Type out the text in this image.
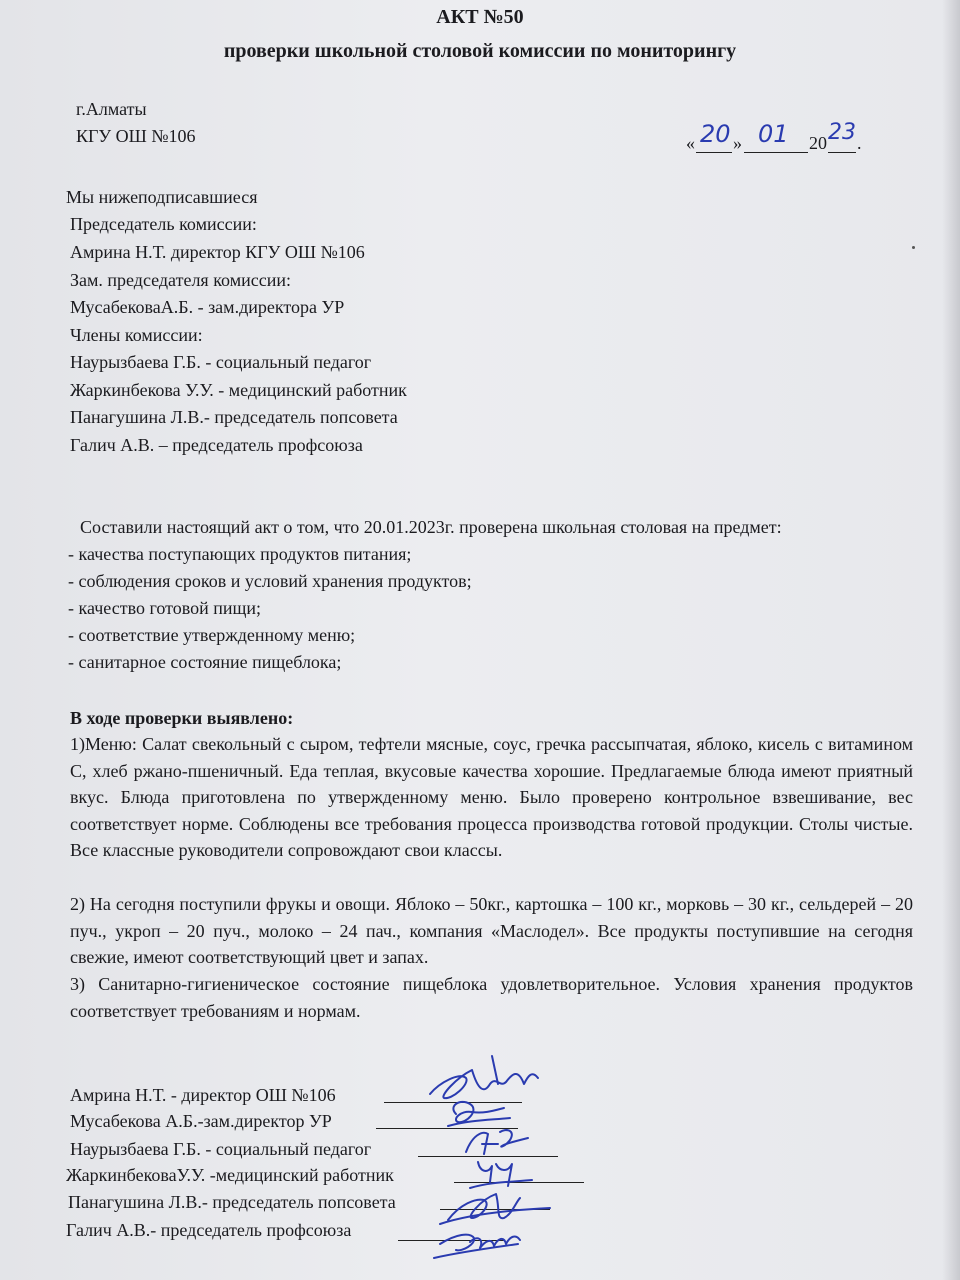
АКТ №50
проверки школьной столовой комиссии по мониторингу
г.Алматы
КГУ ОШ №106	« 20 » 01 20 23 .
Мы нижеподписавшиеся
Председатель комиссии:
Амрина Н.Т. директор КГУ ОШ №106
Зам. председателя комиссии:
МусабековаА.Б. - зам.директора УР
Члены комиссии:
Наурызбаева Г.Б. - социальный педагог
Жаркинбекова У.У. - медицинский работник
Панагушина Л.В.- председатель попсовета
Галич А.В. – председатель профсоюза
Составили настоящий акт о том, что 20.01.2023г. проверена школьная столовая на предмет:
- качества поступающих продуктов питания;
- соблюдения сроков и условий хранения продуктов;
- качество готовой пищи;
- соответствие утвержденному меню;
- санитарное состояние пищеблока;
В ходе проверки выявлено:
1)Меню: Салат свекольный с сыром, тефтели мясные, соус, гречка рассыпчатая, яблоко, кисель с витамином С, хлеб ржано-пшеничный. Еда теплая, вкусовые качества хорошие. Предлагаемые блюда имеют приятный вкус. Блюда приготовлена по утвержденному меню. Было проверено контрольное взвешивание, вес соответствует норме. Соблюдены все требования процесса производства готовой продукции. Столы чистые. Все классные руководители сопровождают свои классы.
2) На сегодня поступили фрукы и овощи. Яблоко – 50кг., картошка – 100 кг., морковь – 30 кг., сельдерей – 20 пуч., укроп – 20 пуч., молоко – 24 пач., компания «Маслодел». Все продукты поступившие на сегодня свежие, имеют соответствующий цвет и запах.
3) Санитарно-гигиеническое состояние пищеблока удовлетворительное. Условия хранения продуктов соответствует требованиям и нормам.
Амрина Н.Т. - директор ОШ №106
Мусабекова А.Б.-зам.директор УР
Наурызбаева Г.Б. - социальный педагог
ЖаркинбековаУ.У. -медицинский работник
Панагушина Л.В.- председатель попсовета
Галич А.В.- председатель профсоюза
